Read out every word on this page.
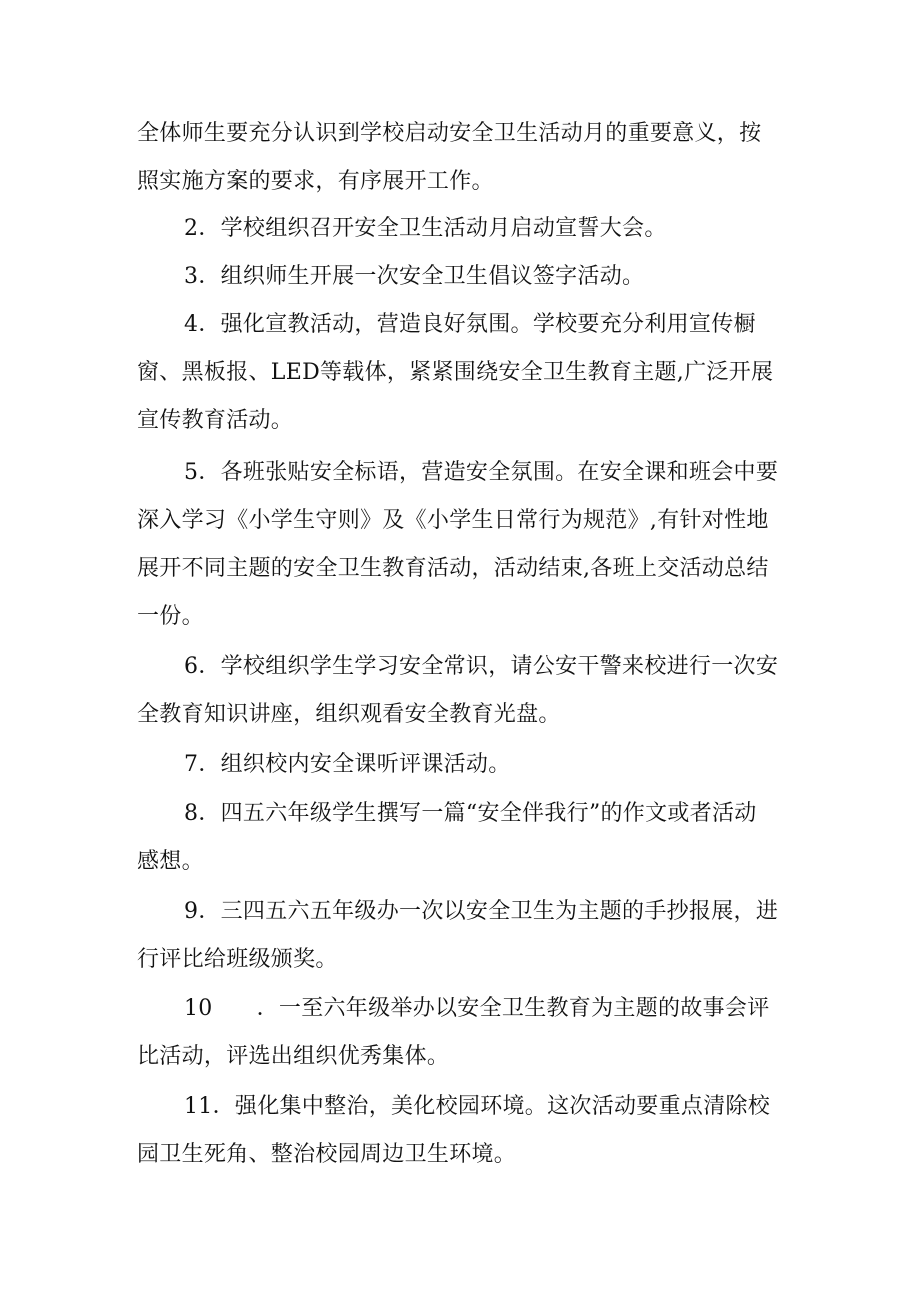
全体师生要充分认识到学校启动安全卫生活动月的重要意义，按
照实施方案的要求，有序展开工作。

2．学校组织召开安全卫生活动月启动宣誓大会。

3．组织师生开展一次安全卫生倡议签字活动。

4．强化宣教活动，营造良好氛围。学校要充分利用宣传橱
窗、黑板报、LED等载体，紧紧围绕安全卫生教育主题,广泛开展
宣传教育活动。

5．各班张贴安全标语，营造安全氛围。在安全课和班会中要
深入学习《小学生守则》及《小学生日常行为规范》,有针对性地
展开不同主题的安全卫生教育活动，活动结束,各班上交活动总结
一份。

6．学校组织学生学习安全常识，请公安干警来校进行一次安
全教育知识讲座，组织观看安全教育光盘。

7．组织校内安全课听评课活动。

8．四五六年级学生撰写一篇“安全伴我行”的作文或者活动
感想。

9．三四五六五年级办一次以安全卫生为主题的手抄报展，进
行评比给班级颁奖。

10 ．一至六年级举办以安全卫生教育为主题的故事会评
比活动，评选出组织优秀集体。

11．强化集中整治，美化校园环境。这次活动要重点清除校
园卫生死角、整治校园周边卫生环境。
